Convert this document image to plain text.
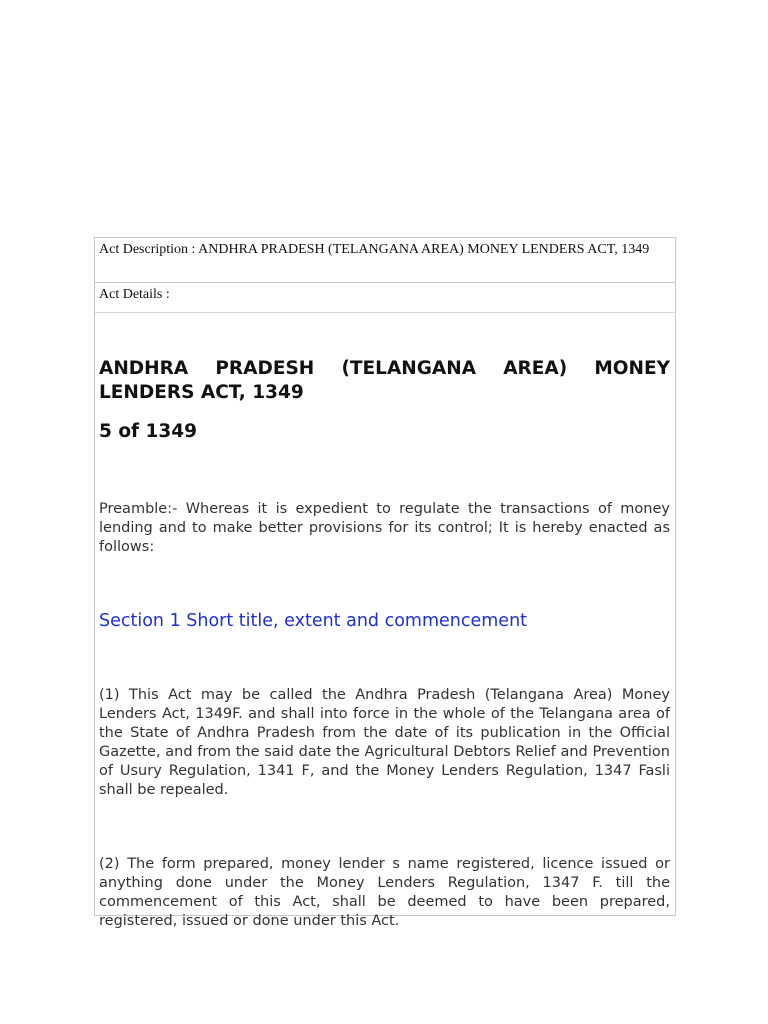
Act Description : ANDHRA PRADESH (TELANGANA AREA) MONEY LENDERS ACT, 1349
Act Details :
ANDHRA PRADESH (TELANGANA AREA) MONEY LENDERS ACT, 1349
5 of 1349

Preamble:- Whereas it is expedient to regulate the transactions of money lending and to make better provisions for its control; It is hereby enacted as follows:

Section 1 Short title, extent and commencement

(1) This Act may be called the Andhra Pradesh (Telangana Area) Money Lenders Act, 1349F. and shall into force in the whole of the Telangana area of the State of Andhra Pradesh from the date of its publication in the Official Gazette, and from the said date the Agricultural Debtors Relief and Prevention of Usury Regulation, 1341 F, and the Money Lenders Regulation, 1347 Fasli shall be repealed.

(2) The form prepared, money lender s name registered, licence issued or anything done under the Money Lenders Regulation, 1347 F. till the commencement of this Act, shall be deemed to have been prepared, registered, issued or done under this Act.
